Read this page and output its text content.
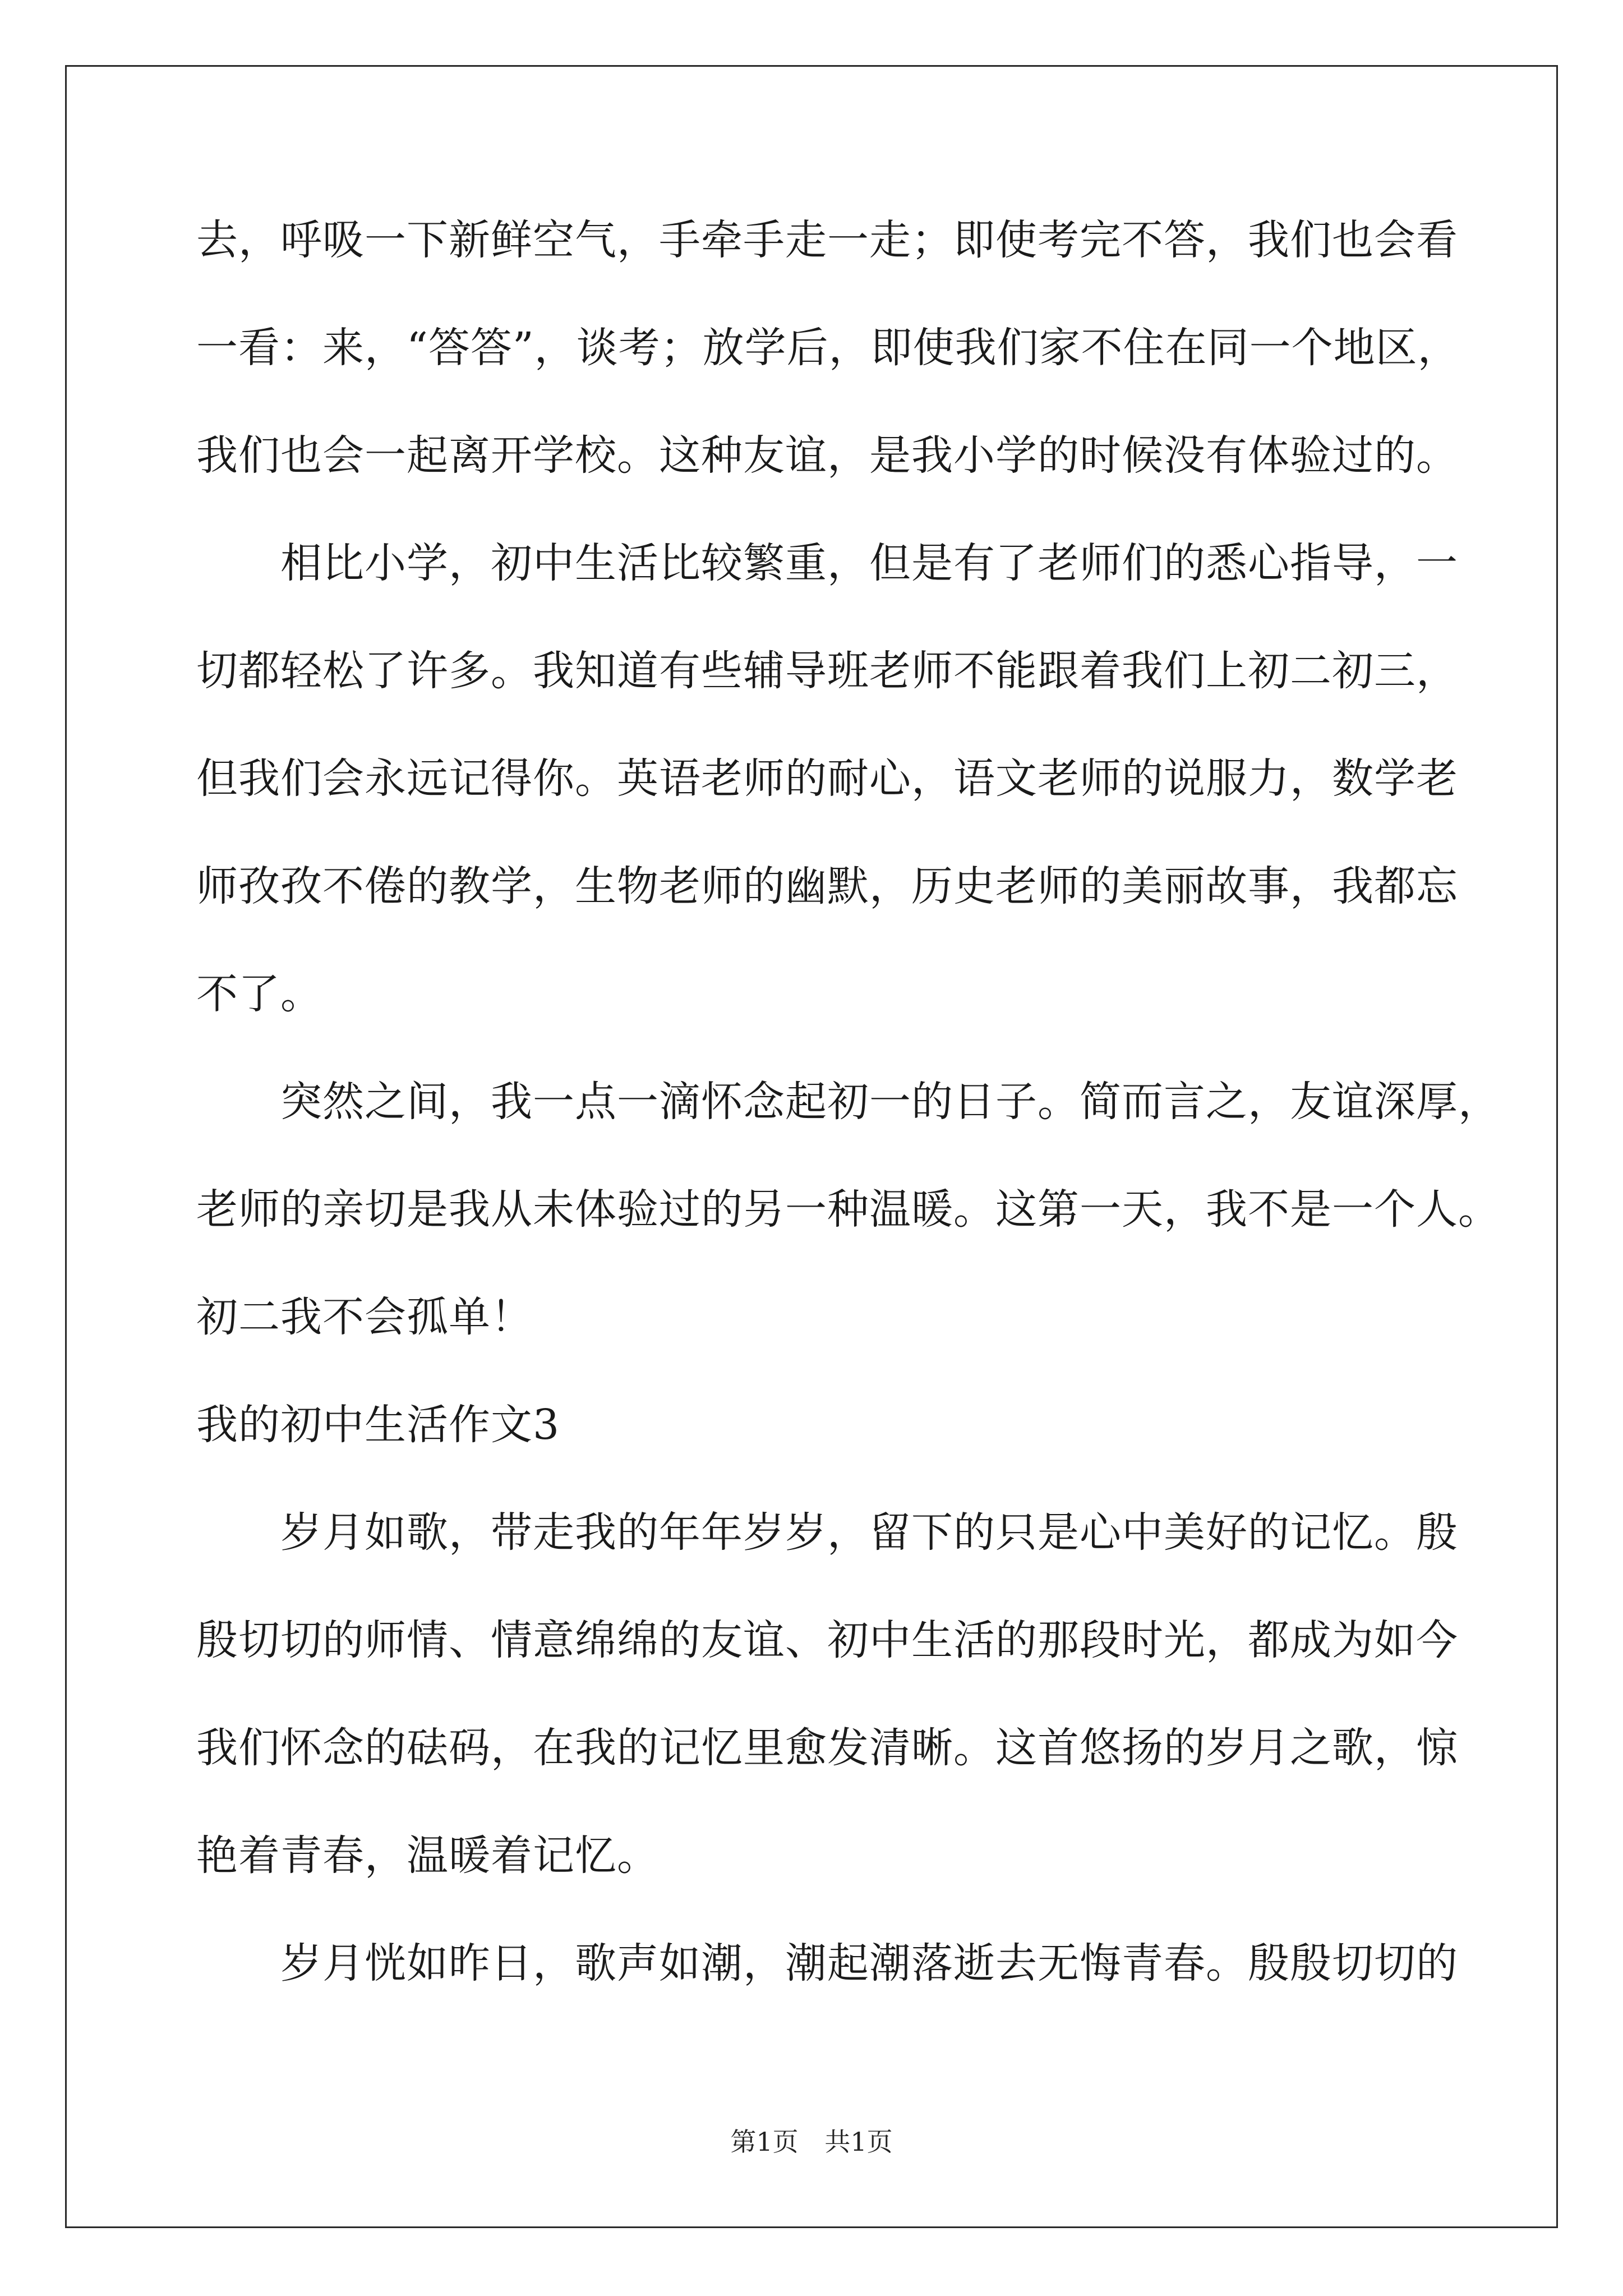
去，呼吸一下新鲜空气，手牵手走一走；即使考完不答，我们也会看
一看：来，“答答”，谈考；放学后，即使我们家不住在同一个地区，
我们也会一起离开学校。这种友谊，是我小学的时候没有体验过的。
相比小学，初中生活比较繁重，但是有了老师们的悉心指导，一
切都轻松了许多。我知道有些辅导班老师不能跟着我们上初二初三，
但我们会永远记得你。英语老师的耐心，语文老师的说服力，数学老
师孜孜不倦的教学，生物老师的幽默，历史老师的美丽故事，我都忘
不了。
突然之间，我一点一滴怀念起初一的日子。简而言之，友谊深厚，
老师的亲切是我从未体验过的另一种温暖。这第一天，我不是一个人。
初二我不会孤单！
我的初中生活作文3
岁月如歌，带走我的年年岁岁，留下的只是心中美好的记忆。殷
殷切切的师情、情意绵绵的友谊、初中生活的那段时光，都成为如今
我们怀念的砝码，在我的记忆里愈发清晰。这首悠扬的岁月之歌，惊
艳着青春，温暖着记忆。
岁月恍如昨日，歌声如潮，潮起潮落逝去无悔青春。殷殷切切的
第1页 共1页
